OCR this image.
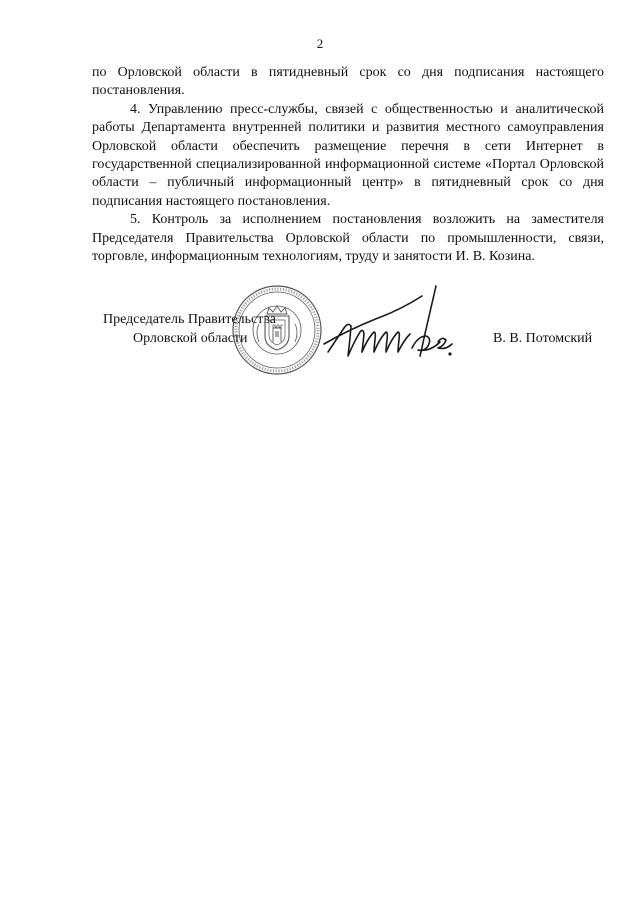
2

по Орловской области в пятидневный срок со дня подписания настоящего постановления.

4. Управлению пресс-службы, связей с общественностью и аналитической работы Департамента внутренней политики и развития местного самоуправления Орловской области обеспечить размещение перечня в сети Интернет в государственной специализированной информационной системе «Портал Орловской области – публичный информационный центр» в пятидневный срок со дня подписания настоящего постановления.

5. Контроль за исполнением постановления возложить на заместителя Председателя Правительства Орловской области по промышленности, связи, торговле, информационным технологиям, труду и занятости И. В. Козина.

Председатель Правительства
Орловской области	В. В. Потомский
